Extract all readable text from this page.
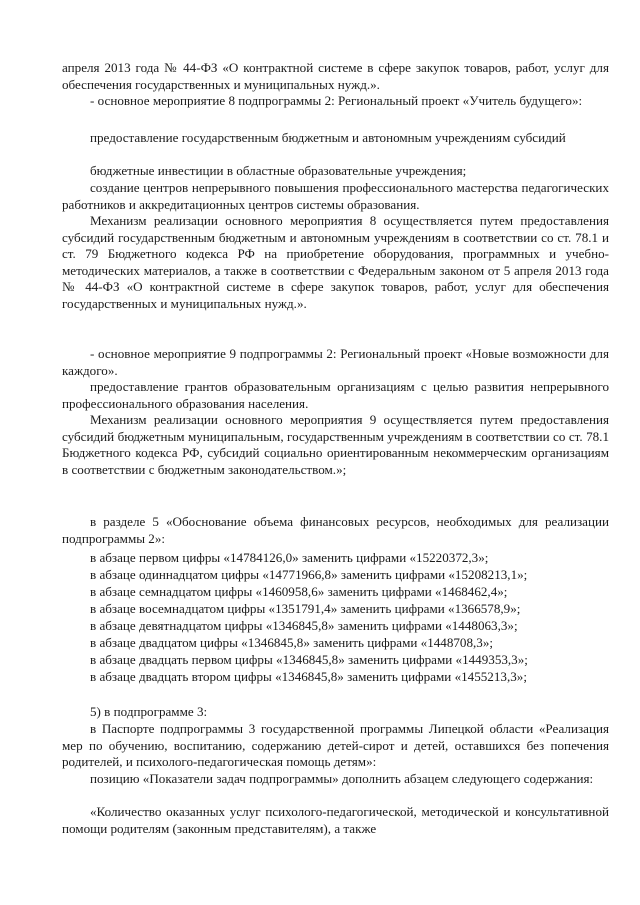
апреля 2013 года № 44-ФЗ «О контрактной системе в сфере закупок товаров, работ, услуг для обеспечения государственных и муниципальных нужд.».

- основное мероприятие 8 подпрограммы 2: Региональный проект «Учитель будущего»:

предоставление государственным бюджетным и автономным учреждениям субсидий

бюджетные инвестиции в областные образовательные учреждения;

создание центров непрерывного повышения профессионального мастерства педагогических работников и аккредитационных центров системы образования.

Механизм реализации основного мероприятия 8 осуществляется путем предоставления субсидий государственным бюджетным и автономным учреждениям в соответствии со ст. 78.1 и ст. 79 Бюджетного кодекса РФ на приобретение оборудования, программных и учебно-методических материалов, а также в соответствии с Федеральным законом от 5 апреля 2013 года № 44-ФЗ «О контрактной системе в сфере закупок товаров, работ, услуг для обеспечения государственных и муниципальных нужд.».

- основное мероприятие 9 подпрограммы 2: Региональный проект «Новые возможности для каждого».

предоставление грантов образовательным организациям с целью развития непрерывного профессионального образования населения.

Механизм реализации основного мероприятия 9 осуществляется путем предоставления субсидий бюджетным муниципальным, государственным учреждениям в соответствии со ст. 78.1 Бюджетного кодекса РФ, субсидий социально ориентированным некоммерческим организациям в соответствии с бюджетным законодательством.»;

в разделе 5 «Обоснование объема финансовых ресурсов, необходимых для реализации подпрограммы 2»:

в абзаце первом цифры «14784126,0» заменить цифрами «15220372,3»;

в абзаце одиннадцатом цифры «14771966,8» заменить цифрами «15208213,1»;

в абзаце семнадцатом цифры «1460958,6» заменить цифрами «1468462,4»;

в абзаце восемнадцатом цифры «1351791,4» заменить цифрами «1366578,9»;

в абзаце девятнадцатом цифры «1346845,8» заменить цифрами «1448063,3»;

в абзаце двадцатом цифры «1346845,8» заменить цифрами «1448708,3»;

в абзаце двадцать первом цифры «1346845,8» заменить цифрами «1449353,3»;

в абзаце двадцать втором цифры «1346845,8» заменить цифрами «1455213,3»;

5) в подпрограмме 3:

в Паспорте подпрограммы 3 государственной программы Липецкой области «Реализация мер по обучению, воспитанию, содержанию детей-сирот и детей, оставшихся без попечения родителей, и психолого-педагогическая помощь детям»:

позицию «Показатели задач подпрограммы» дополнить абзацем следующего содержания:

«Количество оказанных услуг психолого-педагогической, методической и консультативной помощи родителям (законным представителям), а также
